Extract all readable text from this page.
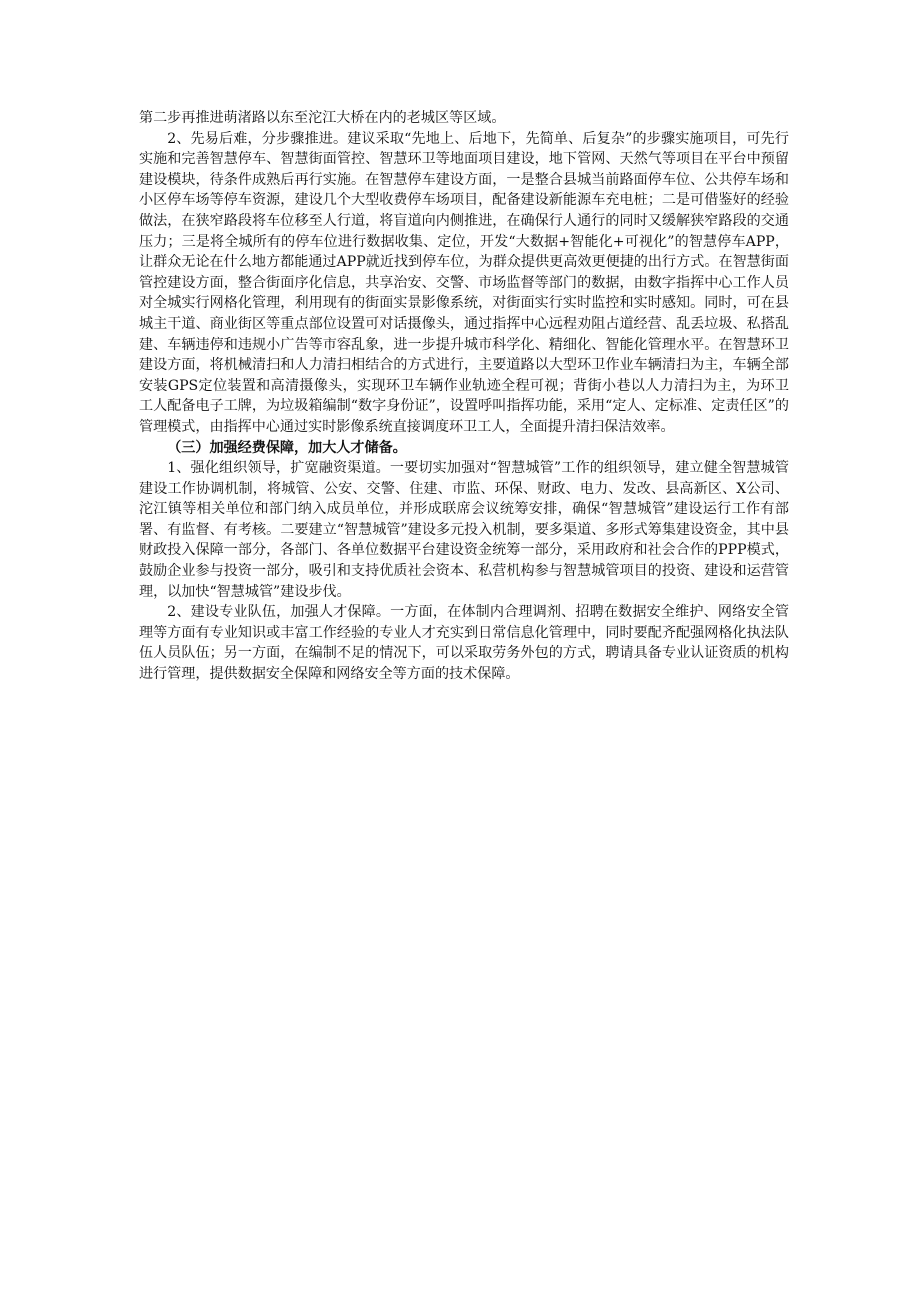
第二步再推进萌渚路以东至沱江大桥在内的老城区等区域。

2、先易后难，分步骤推进。建议采取“先地上、后地下，先简单、后复杂”的步骤实施项目，可先行实施和完善智慧停车、智慧街面管控、智慧环卫等地面项目建设，地下管网、天然气等项目在平台中预留建设模块，待条件成熟后再行实施。在智慧停车建设方面，一是整合县城当前路面停车位、公共停车场和小区停车场等停车资源，建设几个大型收费停车场项目，配备建设新能源车充电桩；二是可借鉴好的经验做法，在狭窄路段将车位移至人行道，将盲道向内侧推进，在确保行人通行的同时又缓解狭窄路段的交通压力；三是将全城所有的停车位进行数据收集、定位，开发“大数据+智能化+可视化”的智慧停车APP，让群众无论在什么地方都能通过APP就近找到停车位，为群众提供更高效更便捷的出行方式。在智慧街面管控建设方面，整合街面序化信息，共享治安、交警、市场监督等部门的数据，由数字指挥中心工作人员对全城实行网格化管理，利用现有的街面实景影像系统，对街面实行实时监控和实时感知。同时，可在县城主干道、商业街区等重点部位设置可对话摄像头，通过指挥中心远程劝阻占道经营、乱丢垃圾、私搭乱建、车辆违停和违规小广告等市容乱象，进一步提升城市科学化、精细化、智能化管理水平。在智慧环卫建设方面，将机械清扫和人力清扫相结合的方式进行，主要道路以大型环卫作业车辆清扫为主，车辆全部安装GPS定位装置和高清摄像头，实现环卫车辆作业轨迹全程可视；背街小巷以人力清扫为主，为环卫工人配备电子工牌，为垃圾箱编制“数字身份证”，设置呼叫指挥功能，采用“定人、定标准、定责任区”的管理模式，由指挥中心通过实时影像系统直接调度环卫工人，全面提升清扫保洁效率。

（三）加强经费保障，加大人才储备。

1、强化组织领导，扩宽融资渠道。一要切实加强对“智慧城管”工作的组织领导，建立健全智慧城管建设工作协调机制，将城管、公安、交警、住建、市监、环保、财政、电力、发改、县高新区、X公司、沱江镇等相关单位和部门纳入成员单位，并形成联席会议统筹安排，确保“智慧城管”建设运行工作有部署、有监督、有考核。二要建立“智慧城管”建设多元投入机制，要多渠道、多形式筹集建设资金，其中县财政投入保障一部分，各部门、各单位数据平台建设资金统筹一部分，采用政府和社会合作的PPP模式，鼓励企业参与投资一部分，吸引和支持优质社会资本、私营机构参与智慧城管项目的投资、建设和运营管理，以加快“智慧城管”建设步伐。

2、建设专业队伍，加强人才保障。一方面，在体制内合理调剂、招聘在数据安全维护、网络安全管理等方面有专业知识或丰富工作经验的专业人才充实到日常信息化管理中，同时要配齐配强网格化执法队伍人员队伍；另一方面，在编制不足的情况下，可以采取劳务外包的方式，聘请具备专业认证资质的机构进行管理，提供数据安全保障和网络安全等方面的技术保障。
